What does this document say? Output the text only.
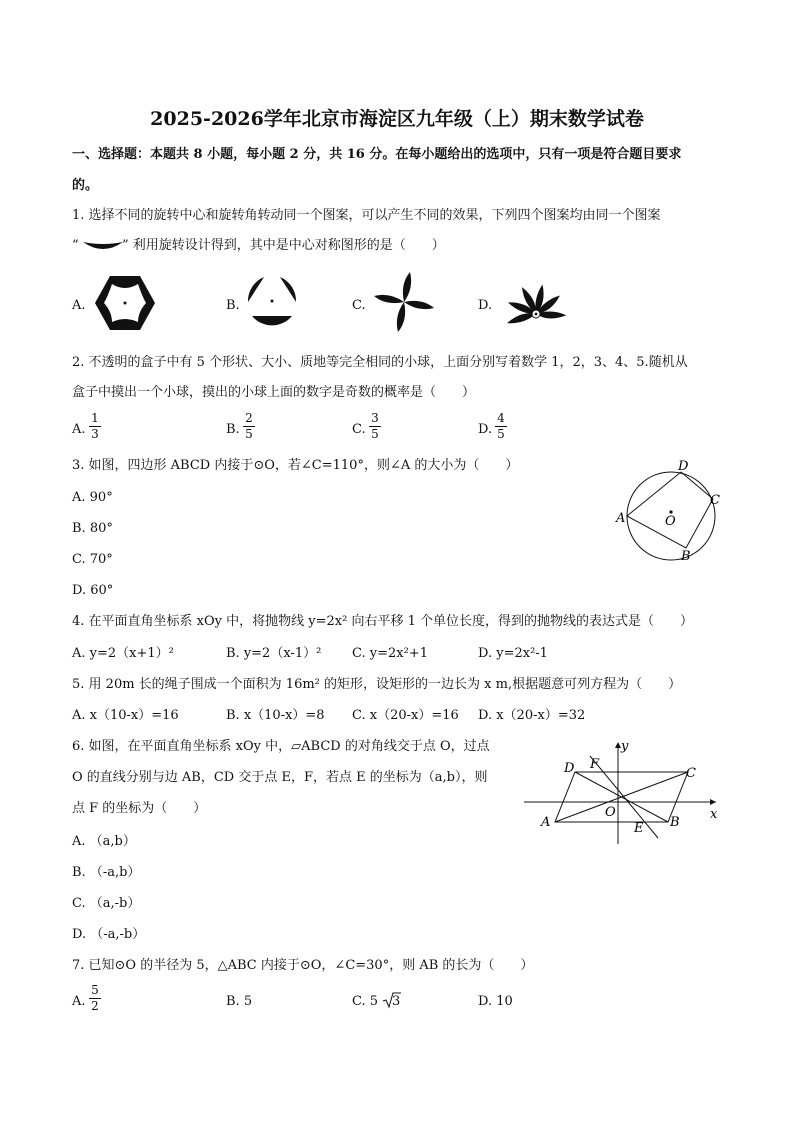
2025-2026学年北京市海淀区九年级（上）期末数学试卷
一、选择题：本题共 8 小题，每小题 2 分，共 16 分。在每小题给出的选项中，只有一项是符合题目要求
的。
1. 选择不同的旋转中心和旋转角转动同一个图案，可以产生不同的效果，下列四个图案均由同一个图案
“	” 利用旋转设计得到，其中是中心对称图形的是（　　）
A.	B.	C.	D.
2. 不透明的盒子中有 5 个形状、大小、质地等完全相同的小球，上面分别写着数学 1，2，3、4、5.随机从
盒子中摸出一个小球，摸出的小球上面的数字是奇数的概率是（　　）
A.
1
3	B.
2
5	C.
3
5	D.
4
5
3. 如图，四边形 ABCD 内接于⊙O，若∠C=110°，则∠A 的大小为（　　）
A. 90°
B. 80°
C. 70°
D. 60°
A
D
C
B
O
4. 在平面直角坐标系 xOy 中，将抛物线 y=2x² 向右平移 1 个单位长度，得到的抛物线的表达式是（　　）
A. y=2（x+1）²	B. y=2（x-1）² C. y=2x²+1	D. y=2x²-1
5. 用 20m 长的绳子围成一个面积为 16m² 的矩形，设矩形的一边长为 x m,根据题意可列方程为（　　）
A. x（10-x）=16	B. x（10-x）=8 C. x（20-x）=16 D. x（20-x）=32
6. 如图，在平面直角坐标系 xOy 中，▱ABCD 的对角线交于点 O，过点
O 的直线分别与边 AB，CD 交于点 E，F，若点 E 的坐标为（a,b），则
点 F 的坐标为（　　）
A. （a,b）
B. （-a,b）
C. （a,-b）
D. （-a,-b）
A	B
C
D F
E
O	x
y
7. 已知⊙O 的半径为 5，△ABC 内接于⊙O，∠C=30°，则 AB 的长为（　　）
A.
5
2	B. 5	C. 5 3	D. 10
